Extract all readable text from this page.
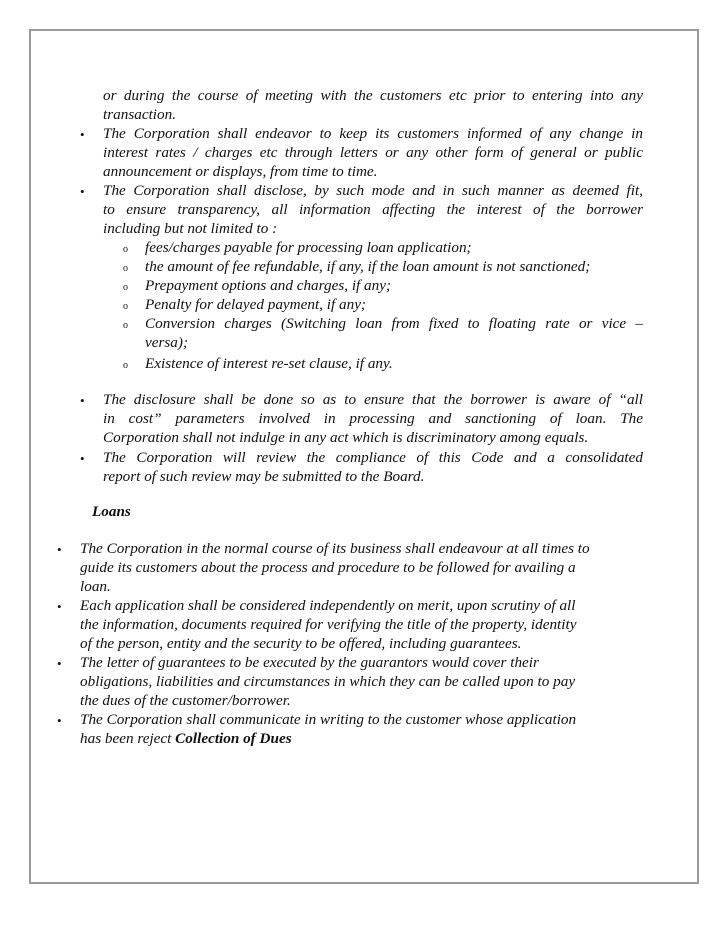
or during the course of meeting with the customers etc prior to entering into any
transaction.
• The Corporation shall endeavor to keep its customers informed of any change in
interest rates / charges etc through letters or any other form of general or public
announcement or displays, from time to time.
• The Corporation shall disclose, by such mode and in such manner as deemed fit,
to ensure transparency, all information affecting the interest of the borrower
including but not limited to :
o fees/charges payable for processing loan application;
o the amount of fee refundable, if any, if the loan amount is not sanctioned;
o Prepayment options and charges, if any;
o Penalty for delayed payment, if any;
o Conversion charges (Switching loan from fixed to floating rate or vice –
versa);
o Existence of interest re-set clause, if any.
• The disclosure shall be done so as to ensure that the borrower is aware of “all
in cost” parameters involved in processing and sanctioning of loan. The
Corporation shall not indulge in any act which is discriminatory among equals.
• The Corporation will review the compliance of this Code and a consolidated
report of such review may be submitted to the Board.
Loans
• The Corporation in the normal course of its business shall endeavour at all times to
guide its customers about the process and procedure to be followed for availing a
loan.
• Each application shall be considered independently on merit, upon scrutiny of all
the information, documents required for verifying the title of the property, identity
of the person, entity and the security to be offered, including guarantees.
• The letter of guarantees to be executed by the guarantors would cover their
obligations, liabilities and circumstances in which they can be called upon to pay
the dues of the customer/borrower.
• The Corporation shall communicate in writing to the customer whose application
has been reject Collection of Dues
